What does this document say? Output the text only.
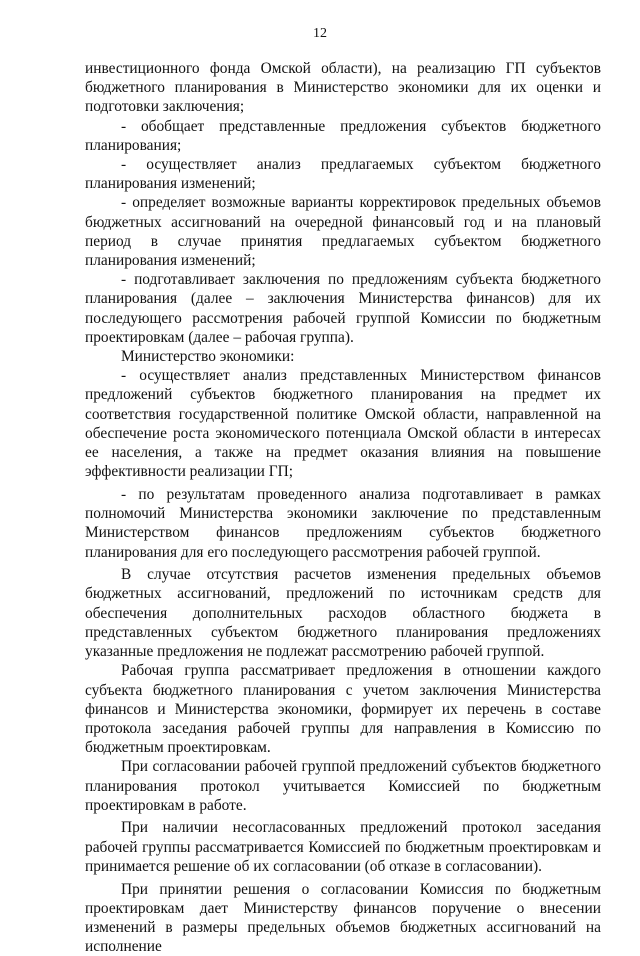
12

инвестиционного фонда Омской области), на реализацию ГП субъектов бюджетного планирования в Министерство экономики для их оценки и подготовки заключения;

- обобщает представленные предложения субъектов бюджетного планирования;

- осуществляет анализ предлагаемых субъектом бюджетного планирования изменений;

- определяет возможные варианты корректировок предельных объемов бюджетных ассигнований на очередной финансовый год и на плановый период в случае принятия предлагаемых субъектом бюджетного планирования изменений;

- подготавливает заключения по предложениям субъекта бюджетного планирования (далее – заключения Министерства финансов) для их последующего рассмотрения рабочей группой Комиссии по бюджетным проектировкам (далее – рабочая группа).

Министерство экономики:

- осуществляет анализ представленных Министерством финансов предложений субъектов бюджетного планирования на предмет их соответствия государственной политике Омской области, направленной на обеспечение роста экономического потенциала Омской области в интересах ее населения, а также на предмет оказания влияния на повышение эффективности реализации ГП;

- по результатам проведенного анализа подготавливает в рамках полномочий Министерства экономики заключение по представленным Министерством финансов предложениям субъектов бюджетного планирования для его последующего рассмотрения рабочей группой.

В случае отсутствия расчетов изменения предельных объемов бюджетных ассигнований, предложений по источникам средств для обеспечения дополнительных расходов областного бюджета в представленных субъектом бюджетного планирования предложениях указанные предложения не подлежат рассмотрению рабочей группой.

Рабочая группа рассматривает предложения в отношении каждого субъекта бюджетного планирования с учетом заключения Министерства финансов и Министерства экономики, формирует их перечень в составе протокола заседания рабочей группы для направления в Комиссию по бюджетным проектировкам.

При согласовании рабочей группой предложений субъектов бюджетного планирования протокол учитывается Комиссией по бюджетным проектировкам в работе.

При наличии несогласованных предложений протокол заседания рабочей группы рассматривается Комиссией по бюджетным проектировкам и принимается решение об их согласовании (об отказе в согласовании).

При принятии решения о согласовании Комиссия по бюджетным проектировкам дает Министерству финансов поручение о внесении изменений в размеры предельных объемов бюджетных ассигнований на исполнение
